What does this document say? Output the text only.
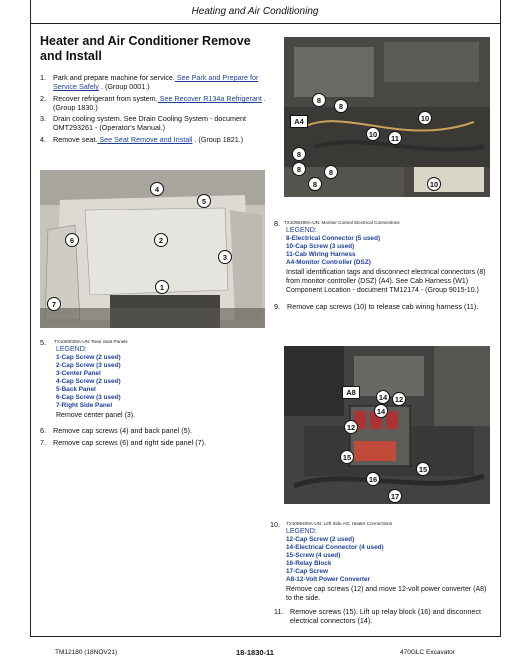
Heating and Air Conditioning
Heater and Air Conditioner Remove and Install
1. Park and prepare machine for service. See Park and Prepare for Service Safely . (Group 0001.)
2. Recover refrigerant from system. See Recover R134a Refrigerant . (Group 1830.)
3. Drain cooling system. See Drain Cooling System - document OMT293261 - (Operator's Manual.)
4. Remove seat. See Seat Remove and Install . (Group 1821.)
4
5
6	2
3
1
7
5. TX1093038A-UN: Rear Seat Panels
LEGEND:
1-Cap Screw (2 used)
2-Cap Screw (3 used)
3-Center Panel
4-Cap Screw (2 used)
5-Back Panel
6-Cap Screw (3 used)
7-Right Side Panel
Remove center panel (3).
6. Remove cap screws (4) and back panel (5).
7. Remove cap screws (6) and right side panel (7).
8
8
A4	10
10	11
10
8
8
8
8
8. TX1096490A-UN: Monitor Control Electrical Connections
LEGEND:
8-Electrical Connector (5 used)
10-Cap Screw (3 used)
11-Cab Wiring Harness
A4-Monitor Controller (DSZ)
Install identification tags and disconnect electrical connectors (8) from monitor controller (DSZ) (A4). See Cab Harness (W1) Component Location - document TM12174 - (Group 9015-10.)
9. Remove cap screws (10) to release cab wiring harness (11).
A8
14	12
14
12
15
15
16
17
10. TX1096400A-UN: Left Side A/C Heater Connections
LEGEND:
12-Cap Screw (2 used)
14-Electrical Connector (4 used)
15-Screw (4 used)
16-Relay Block
17-Cap Screw
A8-12-Volt Power Converter
Remove cap screws (12) and move 12-volt power converter (A8) to the side.
11. Remove screws (15). Lift up relay block (16) and disconnect electrical connectors (14).
TM12180 (18NOV21)	18-1830-11	470GLC Excavator
